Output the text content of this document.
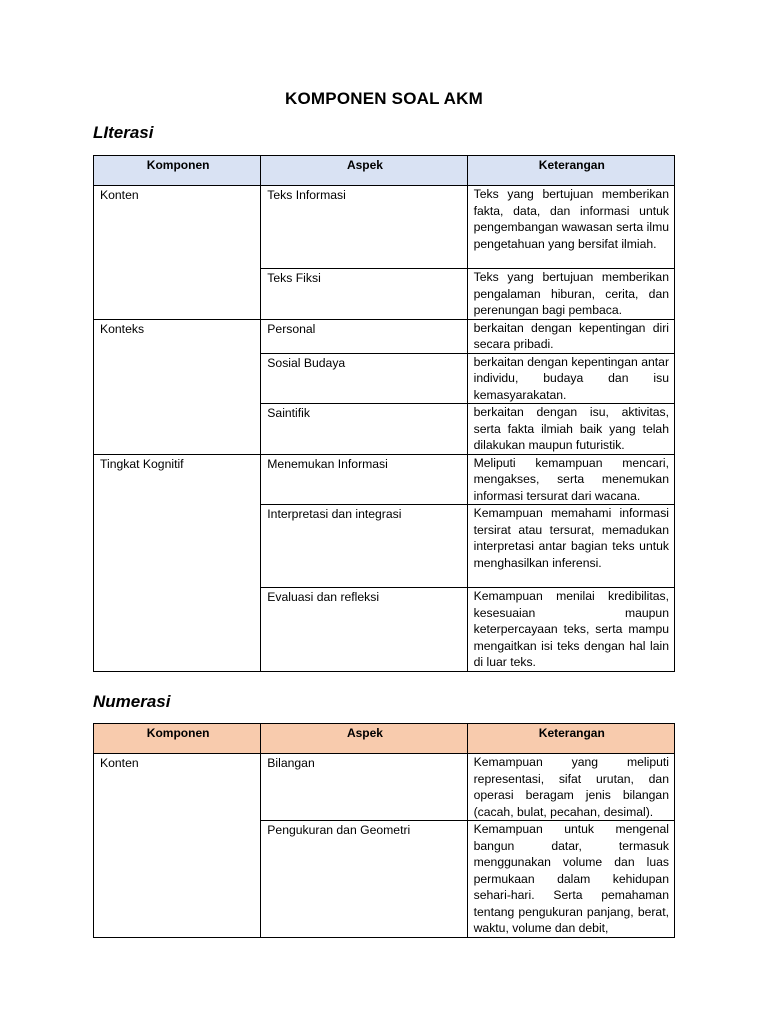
KOMPONEN SOAL AKM
LIterasi
Komponen	Aspek	Keterangan
Konten	Teks Informasi	Teks yang bertujuan memberikan fakta, data, dan informasi untuk pengembangan wawasan serta ilmu pengetahuan yang bersifat ilmiah.
	Teks Fiksi	Teks yang bertujuan memberikan pengalaman hiburan, cerita, dan perenungan bagi pembaca.
Konteks	Personal	berkaitan dengan kepentingan diri secara pribadi.
	Sosial Budaya	berkaitan dengan kepentingan antar individu, budaya dan isu kemasyarakatan.
	Saintifik	berkaitan dengan isu, aktivitas, serta fakta ilmiah baik yang telah dilakukan maupun futuristik.
Tingkat Kognitif	Menemukan Informasi	Meliputi kemampuan mencari, mengakses, serta menemukan informasi tersurat dari wacana.
	Interpretasi dan integrasi	Kemampuan memahami informasi tersirat atau tersurat, memadukan interpretasi antar bagian teks untuk menghasilkan inferensi.
	Evaluasi dan refleksi	Kemampuan menilai kredibilitas, kesesuaian maupun keterpercayaan teks, serta mampu mengaitkan isi teks dengan hal lain di luar teks.
Numerasi
Komponen	Aspek	Keterangan
Konten	Bilangan	Kemampuan yang meliputi representasi, sifat urutan, dan operasi beragam jenis bilangan (cacah, bulat, pecahan, desimal).
	Pengukuran dan Geometri	Kemampuan untuk mengenal bangun datar, termasuk menggunakan volume dan luas permukaan dalam kehidupan sehari-hari. Serta pemahaman tentang pengukuran panjang, berat, waktu, volume dan debit,
